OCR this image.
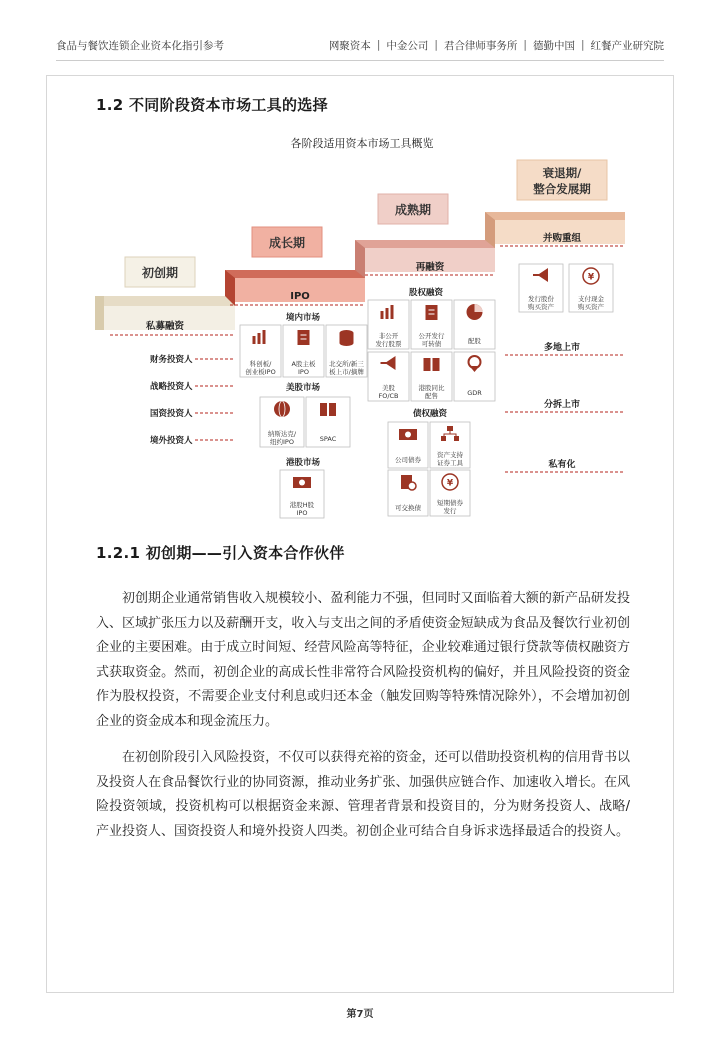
食品与餐饮连锁企业资本化指引参考	网聚资本 | 中金公司 | 君合律师事务所 | 德勤中国 | 红餐产业研究院
1.2 不同阶段资本市场工具的选择
各阶段适用资本市场工具概览
初创期
成长期
成熟期
衰退期/整合发展期
私募融资
IPO
再融资
并购重组
财务投资人
战略投资人
国资投资人
境外投资人
境内市场
科创板/创业板IPO
A股主板 IPO
北交所/新三板上市/摘牌
美股市场
纳斯达克/纽约IPO	SPAC
港股市场
港股H股 IPO
股权融资
非公开发行股票
公开发行可转债	配股
美股 FO/CB
港股同比配售	GDR
债权融资
公司债券
资产支持证券工具
可交换债
¥
短期债券发行
发行股份购买资产
¥
支付现金购买资产
多地上市
分拆上市
私有化
1.2.1 初创期——引入资本合作伙伴

初创期企业通常销售收入规模较小、盈利能力不强，但同时又面临着大额的新产品研发投入、区域扩张压力以及薪酬开支，收入与支出之间的矛盾使资金短缺成为食品及餐饮行业初创企业的主要困难。由于成立时间短、经营风险高等特征，企业较难通过银行贷款等债权融资方式获取资金。然而，初创企业的高成长性非常符合风险投资机构的偏好，并且风险投资的资金作为股权投资，不需要企业支付利息或归还本金（触发回购等特殊情况除外），不会增加初创企业的资金成本和现金流压力。

在初创阶段引入风险投资，不仅可以获得充裕的资金，还可以借助投资机构的信用背书以及投资人在食品餐饮行业的协同资源，推动业务扩张、加强供应链合作、加速收入增长。在风险投资领域，投资机构可以根据资金来源、管理者背景和投资目的，分为财务投资人、战略/产业投资人、国资投资人和境外投资人四类。初创企业可结合自身诉求选择最适合的投资人。

第7页
